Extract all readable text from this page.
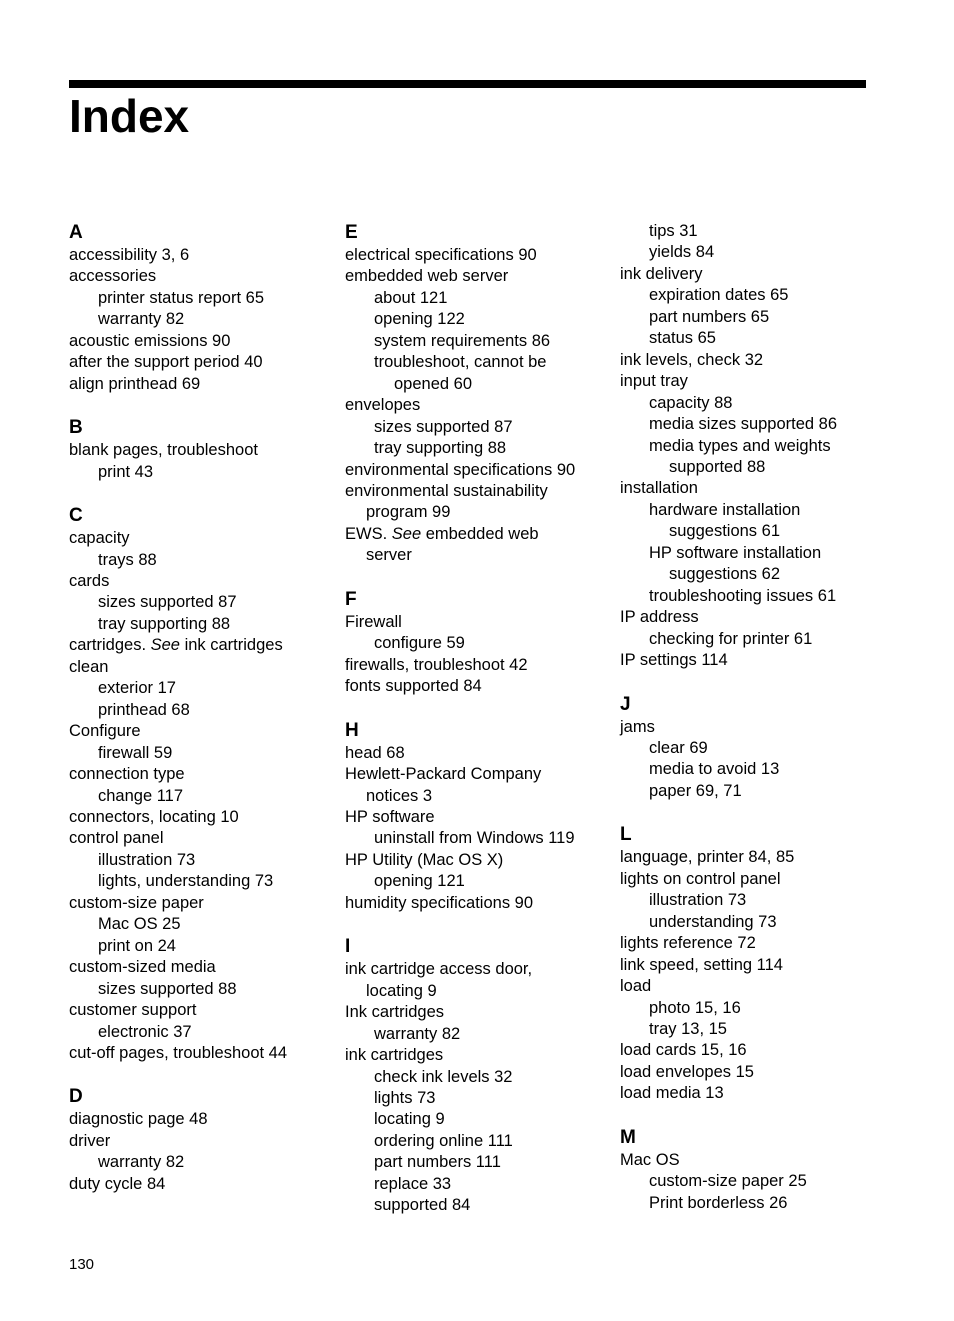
Index
A
accessibility 3, 6
accessories
printer status report 65
warranty 82
acoustic emissions 90
after the support period 40
align printhead 69
B
blank pages, troubleshoot
print 43
C
capacity
trays 88
cards
sizes supported 87
tray supporting 88
cartridges. See ink cartridges
clean
exterior 17
printhead 68
Configure
firewall 59
connection type
change 117
connectors, locating 10
control panel
illustration 73
lights, understanding 73
custom-size paper
Mac OS 25
print on 24
custom-sized media
sizes supported 88
customer support
electronic 37
cut-off pages, troubleshoot 44
D
diagnostic page 48
driver
warranty 82
duty cycle 84
E
electrical specifications 90
embedded web server
about 121
opening 122
system requirements 86
troubleshoot, cannot be
opened 60
envelopes
sizes supported 87
tray supporting 88
environmental specifications 90
environmental sustainability
program 99
EWS. See embedded web
server
F
Firewall
configure 59
firewalls, troubleshoot 42
fonts supported 84
H
head 68
Hewlett-Packard Company
notices 3
HP software
uninstall from Windows 119
HP Utility (Mac OS X)
opening 121
humidity specifications 90
I
ink cartridge access door,
locating 9
Ink cartridges
warranty 82
ink cartridges
check ink levels 32
lights 73
locating 9
ordering online 111
part numbers 111
replace 33
supported 84
tips 31
yields 84
ink delivery
expiration dates 65
part numbers 65
status 65
ink levels, check 32
input tray
capacity 88
media sizes supported 86
media types and weights
supported 88
installation
hardware installation
suggestions 61
HP software installation
suggestions 62
troubleshooting issues 61
IP address
checking for printer 61
IP settings 114
J
jams
clear 69
media to avoid 13
paper 69, 71
L
language, printer 84, 85
lights on control panel
illustration 73
understanding 73
lights reference 72
link speed, setting 114
load
photo 15, 16
tray 13, 15
load cards 15, 16
load envelopes 15
load media 13
M
Mac OS
custom-size paper 25
Print borderless 26
130
